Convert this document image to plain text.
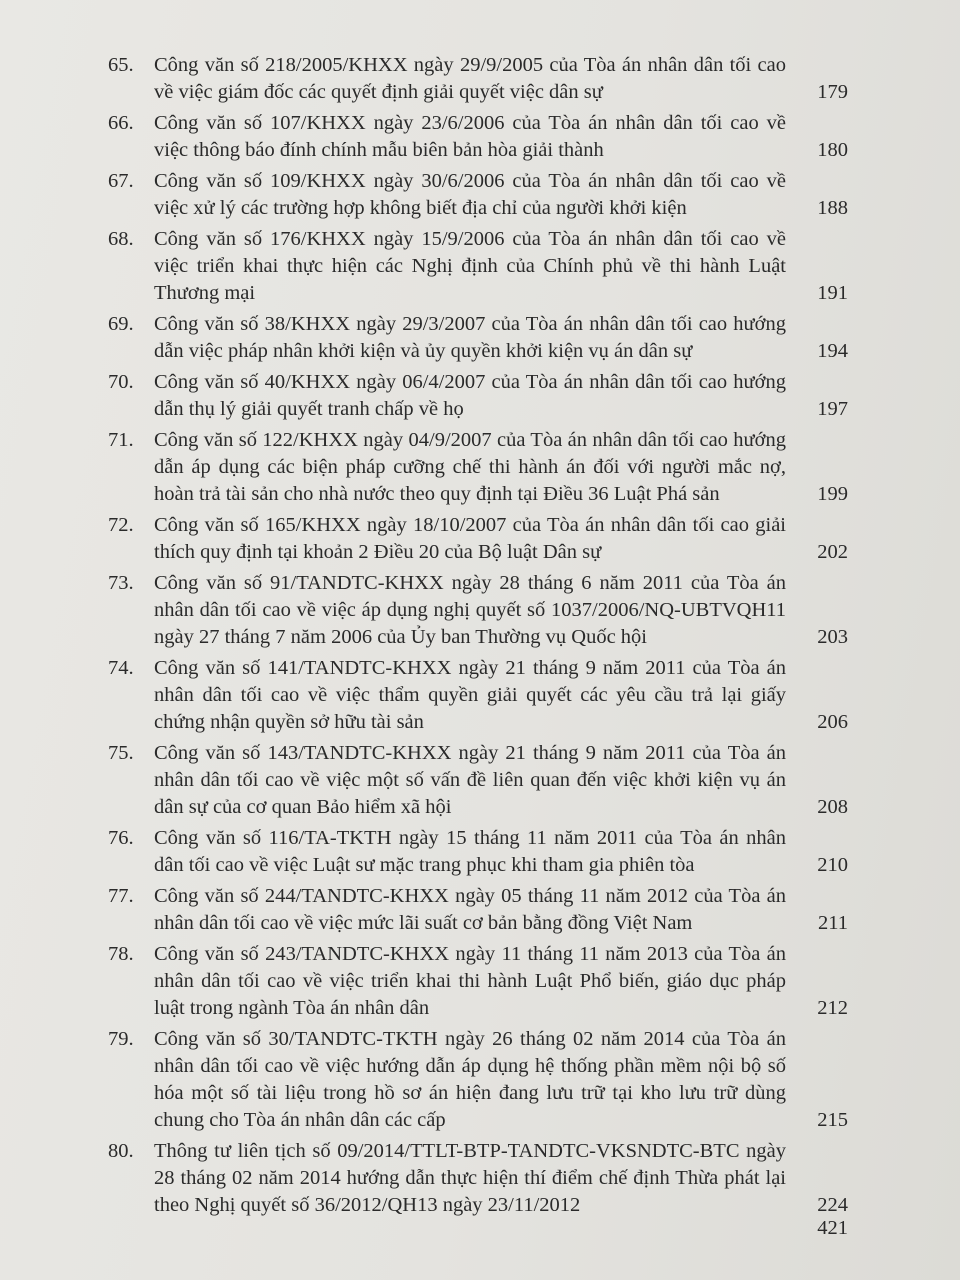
65. Công văn số 218/2005/KHXX ngày 29/9/2005 của Tòa án nhân dân tối cao về việc giám đốc các quyết định giải quyết việc dân sự	179
66. Công văn số 107/KHXX ngày 23/6/2006 của Tòa án nhân dân tối cao về việc thông báo đính chính mẫu biên bản hòa giải thành	180
67. Công văn số 109/KHXX ngày 30/6/2006 của Tòa án nhân dân tối cao về việc xử lý các trường hợp không biết địa chỉ của người khởi kiện	188
68. Công văn số 176/KHXX ngày 15/9/2006 của Tòa án nhân dân tối cao về việc triển khai thực hiện các Nghị định của Chính phủ về thi hành Luật Thương mại	191
69. Công văn số 38/KHXX ngày 29/3/2007 của Tòa án nhân dân tối cao hướng dẫn việc pháp nhân khởi kiện và ủy quyền khởi kiện vụ án dân sự	194
70. Công văn số 40/KHXX ngày 06/4/2007 của Tòa án nhân dân tối cao hướng dẫn thụ lý giải quyết tranh chấp về họ	197
71. Công văn số 122/KHXX ngày 04/9/2007 của Tòa án nhân dân tối cao hướng dẫn áp dụng các biện pháp cưỡng chế thi hành án đối với người mắc nợ, hoàn trả tài sản cho nhà nước theo quy định tại Điều 36 Luật Phá sản	199
72. Công văn số 165/KHXX ngày 18/10/2007 của Tòa án nhân dân tối cao giải thích quy định tại khoản 2 Điều 20 của Bộ luật Dân sự	202
73. Công văn số 91/TANDTC-KHXX ngày 28 tháng 6 năm 2011 của Tòa án nhân dân tối cao về việc áp dụng nghị quyết số 1037/2006/NQ-UBTVQH11 ngày 27 tháng 7 năm 2006 của Ủy ban Thường vụ Quốc hội	203
74. Công văn số 141/TANDTC-KHXX ngày 21 tháng 9 năm 2011 của Tòa án nhân dân tối cao về việc thẩm quyền giải quyết các yêu cầu trả lại giấy chứng nhận quyền sở hữu tài sản	206
75. Công văn số 143/TANDTC-KHXX ngày 21 tháng 9 năm 2011 của Tòa án nhân dân tối cao về việc một số vấn đề liên quan đến việc khởi kiện vụ án dân sự của cơ quan Bảo hiểm xã hội	208
76. Công văn số 116/TA-TKTH ngày 15 tháng 11 năm 2011 của Tòa án nhân dân tối cao về việc Luật sư mặc trang phục khi tham gia phiên tòa	210
77. Công văn số 244/TANDTC-KHXX ngày 05 tháng 11 năm 2012 của Tòa án nhân dân tối cao về việc mức lãi suất cơ bản bằng đồng Việt Nam	211
78. Công văn số 243/TANDTC-KHXX ngày 11 tháng 11 năm 2013 của Tòa án nhân dân tối cao về việc triển khai thi hành Luật Phổ biến, giáo dục pháp luật trong ngành Tòa án nhân dân	212
79. Công văn số 30/TANDTC-TKTH ngày 26 tháng 02 năm 2014 của Tòa án nhân dân tối cao về việc hướng dẫn áp dụng hệ thống phần mềm nội bộ số hóa một số tài liệu trong hồ sơ án hiện đang lưu trữ tại kho lưu trữ dùng chung cho Tòa án nhân dân các cấp	215
80. Thông tư liên tịch số 09/2014/TTLT-BTP-TANDTC-VKSNDTC-BTC ngày 28 tháng 02 năm 2014 hướng dẫn thực hiện thí điểm chế định Thừa phát lại theo Nghị quyết số 36/2012/QH13 ngày 23/11/2012	224
421
